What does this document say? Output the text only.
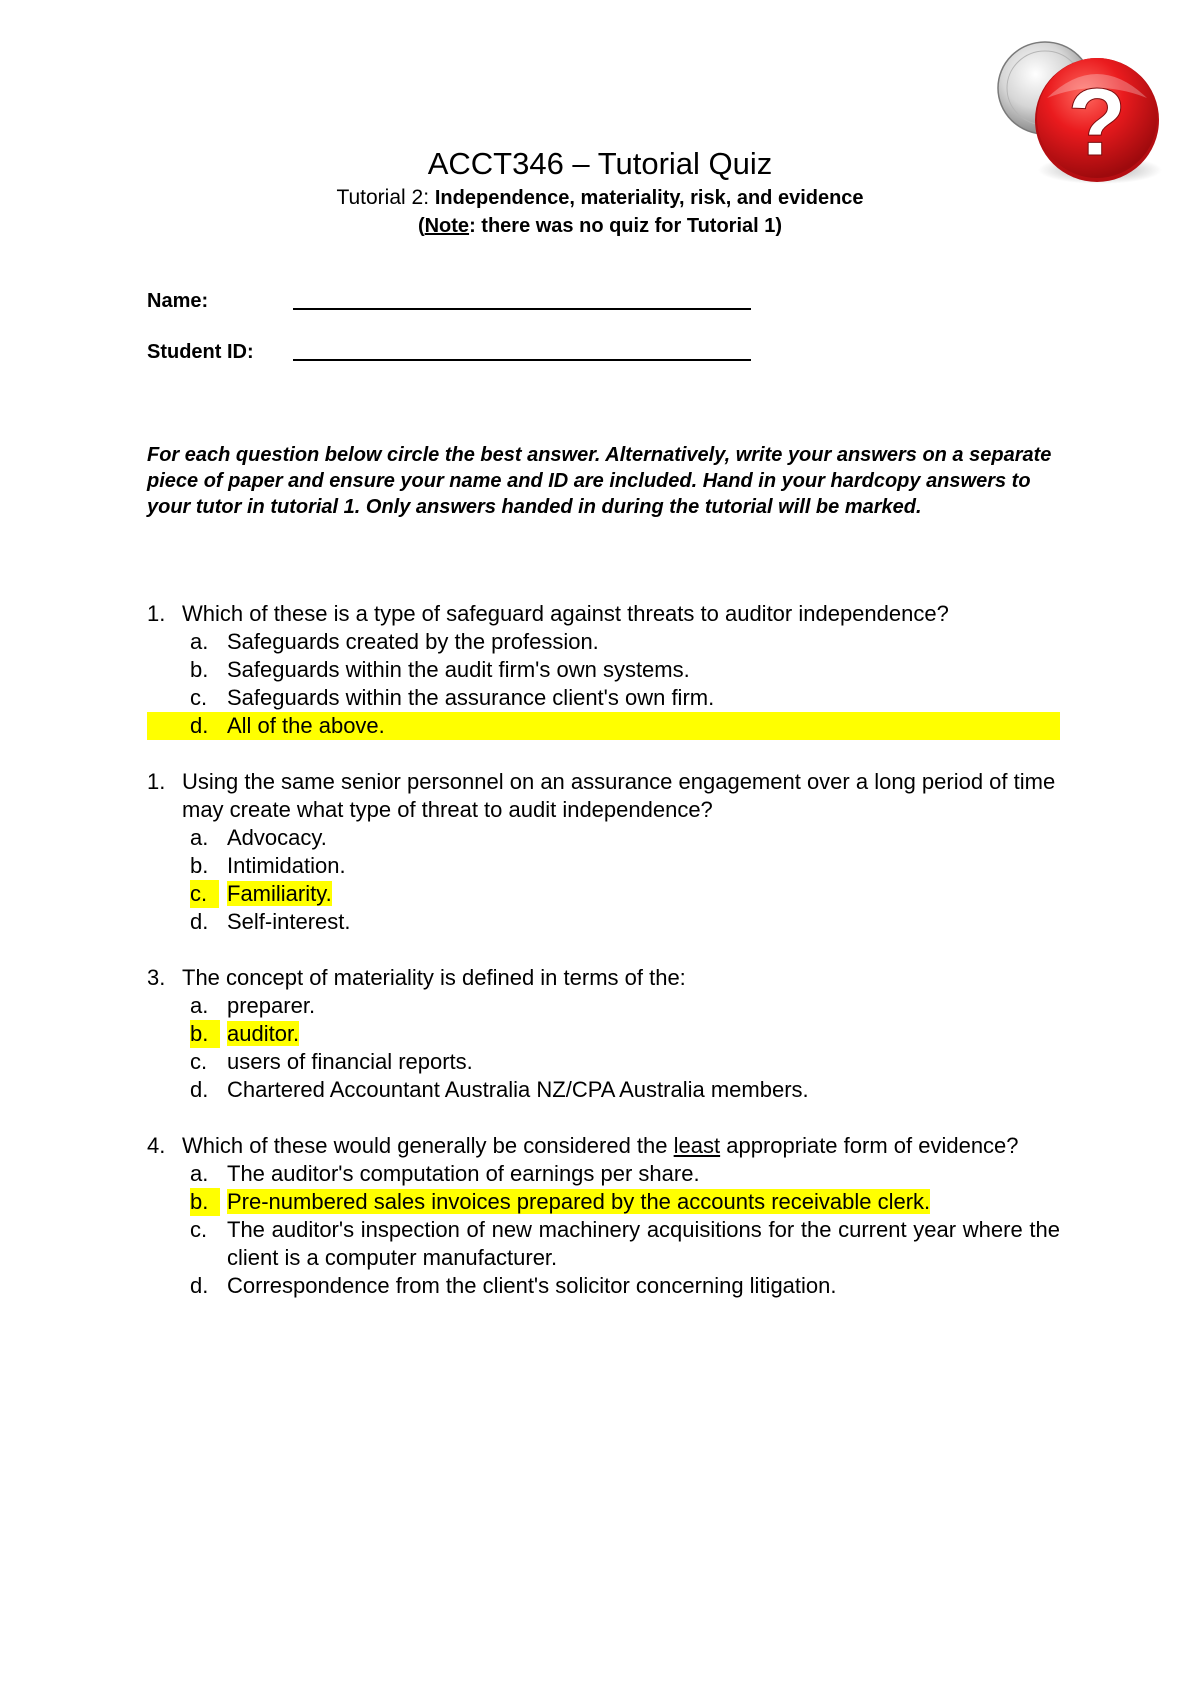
?
ACCT346 – Tutorial Quiz
Tutorial 2: Independence, materiality, risk, and evidence
(Note: there was no quiz for Tutorial 1)
Name:
Student ID:
For each question below circle the best answer. Alternatively, write your answers on a separate piece of paper and ensure your name and ID are included. Hand in your hardcopy answers to your tutor in tutorial 1. Only answers handed in during the tutorial will be marked.
1. Which of these is a type of safeguard against threats to auditor independence?
a. Safeguards created by the profession.
b. Safeguards within the audit firm's own systems.
c. Safeguards within the assurance client's own firm.
d. All of the above.
1. Using the same senior personnel on an assurance engagement over a long period of time may create what type of threat to audit independence?
a. Advocacy.
b. Intimidation.
c. Familiarity.
d. Self-interest.
3. The concept of materiality is defined in terms of the:
a. preparer.
b. auditor.
c. users of financial reports.
d. Chartered Accountant Australia NZ/CPA Australia members.
4. Which of these would generally be considered the least appropriate form of evidence?
a. The auditor's computation of earnings per share.
b. Pre-numbered sales invoices prepared by the accounts receivable clerk.
c. The auditor's inspection of new machinery acquisitions for the current year where the client is a computer manufacturer.
d. Correspondence from the client's solicitor concerning litigation.
